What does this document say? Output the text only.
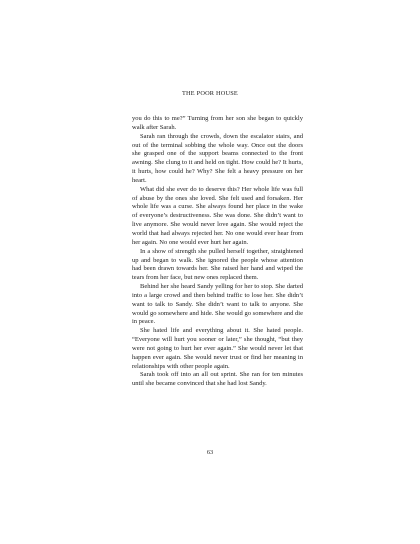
THE POOR HOUSE

you do this to me?” Turning from her son she began to quickly walk after Sarah.

Sarah ran through the crowds, down the escalator stairs, and out of the terminal sobbing the whole way. Once out the doors she grasped one of the support beams connected to the front awning. She clung to it and held on tight. How could he? It hurts, it hurts, how could he? Why? She felt a heavy pressure on her heart.

What did she ever do to deserve this? Her whole life was full of abuse by the ones she loved. She felt used and forsaken. Her whole life was a curse. She always found her place in the wake of everyone’s destructiveness. She was done. She didn’t want to live anymore. She would never love again. She would reject the world that had always rejected her. No one would ever hear from her again. No one would ever hurt her again.

In a show of strength she pulled herself together, straightened up and began to walk. She ignored the people whose attention had been drawn towards her. She raised her hand and wiped the tears from her face, but new ones replaced them.

Behind her she heard Sandy yelling for her to stop. She darted into a large crowd and then behind traffic to lose her. She didn’t want to talk to Sandy. She didn’t want to talk to anyone. She would go somewhere and hide. She would go somewhere and die in peace.

She hated life and everything about it. She hated people. “Everyone will hurt you sooner or later,” she thought, “but they were not going to hurt her ever again.” She would never let that happen ever again. She would never trust or find her meaning in relationships with other people again.

Sarah took off into an all out sprint. She ran for ten minutes until she became convinced that she had lost Sandy.

63
